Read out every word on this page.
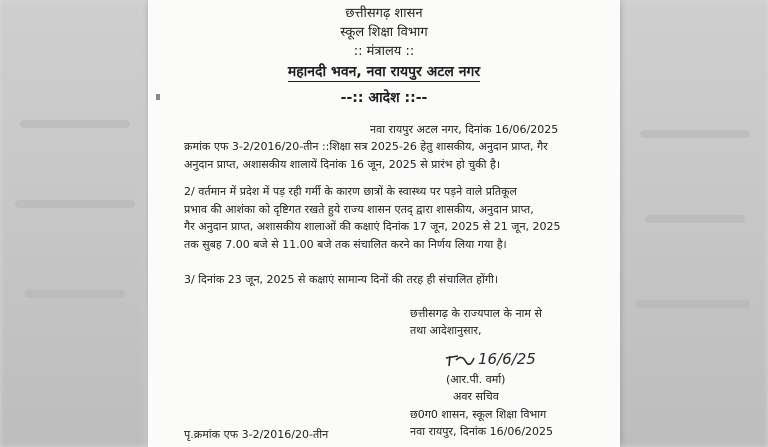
छत्तीसगढ़ शासन
स्कूल शिक्षा विभाग
:: मंत्रालय ::
महानदी भवन, नवा रायपुर अटल नगर
--:: आदेश ::--
नवा रायपुर अटल नगर, दिनांक 16/06/2025
क्रमांक एफ 3-2/2016/20-तीन ::शिक्षा सत्र 2025-26 हेतु शासकीय, अनुदान प्राप्त, गैर
अनुदान प्राप्त, अशासकीय शालायें दिनांक 16 जून, 2025 से प्रारंभ हो चुकी है।
2/ वर्तमान में प्रदेश में पड़ रही गर्मी के कारण छात्रों के स्वास्थ्य पर पड़ने वाले प्रतिकूल
प्रभाव की आशंका को दृष्टिगत रखते हुये राज्य शासन एतद् द्वारा शासकीय, अनुदान प्राप्त,
गैर अनुदान प्राप्त, अशासकीय शालाओं की कक्षाएं दिनांक 17 जून, 2025 से 21 जून, 2025
तक सुबह 7.00 बजे से 11.00 बजे तक संचालित करने का निर्णय लिया गया है।
3/ दिनांक 23 जून, 2025 से कक्षाएं सामान्य दिनों की तरह ही संचालित होंगी।
छत्तीसगढ़ के राज्यपाल के नाम से
तथा आदेशानुसार,
16/6/25
(आर.पी. वर्मा)
अवर सचिव
छ0ग0 शासन, स्कूल शिक्षा विभाग
नवा रायपुर, दिनांक 16/06/2025
पृ.क्रमांक एफ 3-2/2016/20-तीन
